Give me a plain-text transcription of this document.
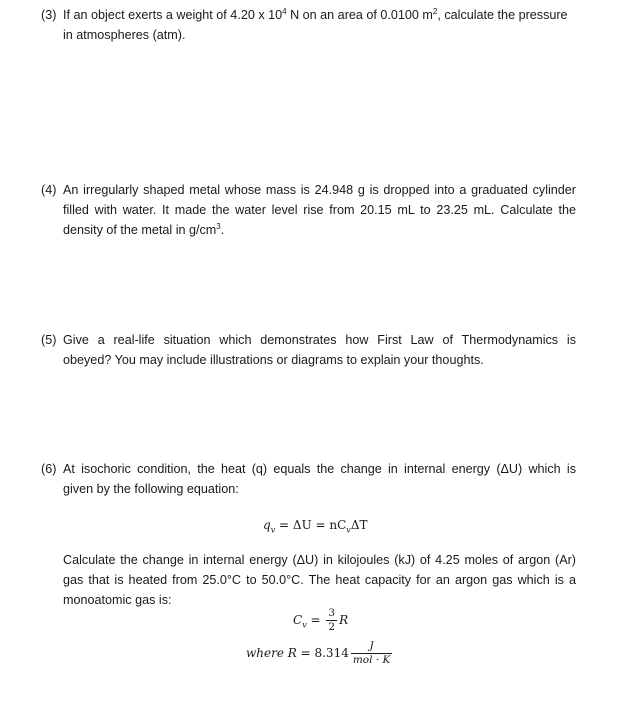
(3) If an object exerts a weight of 4.20 x $10^4$ N on an area of 0.0100 $m^2$, calculate the pressure
in atmospheres (atm).
(4) An irregularly shaped metal whose mass is 24.948 g is dropped into a graduated cylinder
filled with water. It made the water level rise from 20.15 mL to 23.25 mL. Calculate the
density of the metal in $g/cm^3$.
(5) Give a real-life situation which demonstrates how First Law of Thermodynamics is
obeyed? You may include illustrations or diagrams to explain your thoughts.
(6) At isochoric condition, the heat (q) equals the change in internal energy (ΔU) which is
given by the following equation:
$q_v = \Delta U = nC_v\Delta T$
Calculate the change in internal energy (ΔU) in kilojoules (kJ) of 4.25 moles of argon (Ar)
gas that is heated from 25.0°C to 50.0°C. The heat capacity for an argon gas which is a
monoatomic gas is:
$C_v = \frac{3}{2}$ R
where $R = 8.314 \frac{J}{\text{mol · K}}$
